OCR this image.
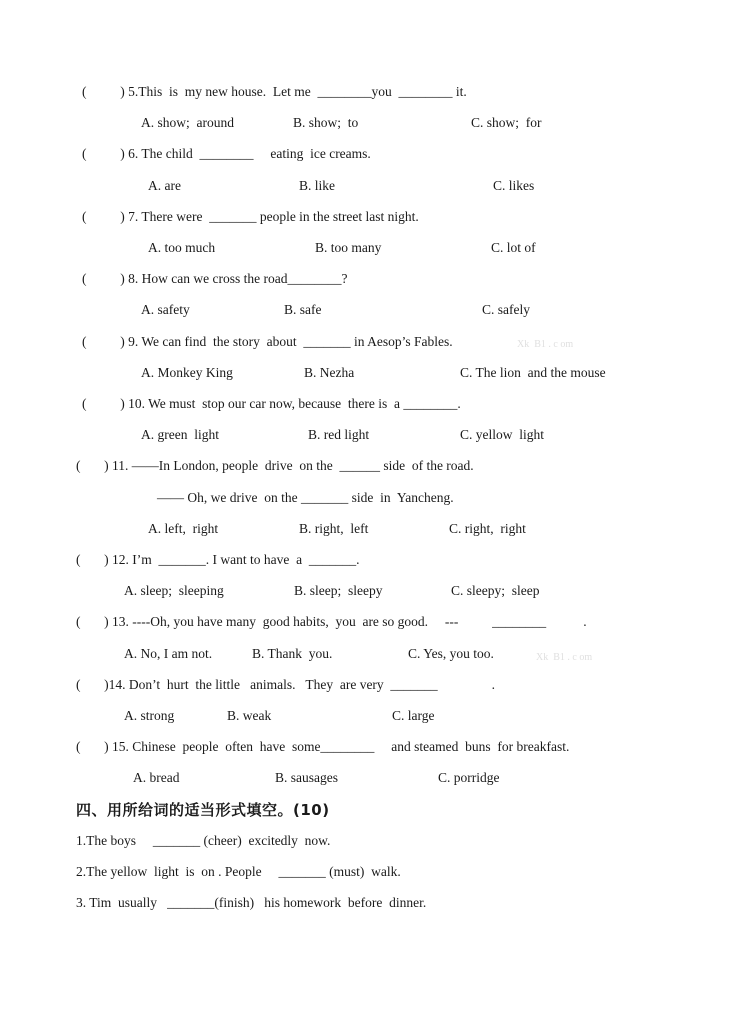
(          ) 5.This  is  my new house.  Let me  ________you  ________ it.
A. show;  around	B. show;  to	C. show;  for
(          ) 6. The child  ________     eating  ice creams.
A. are	B. like	C. likes
(          ) 7. There were  _______ people in the street last night.
A. too much	B. too many	C. lot of
(          ) 8. How can we cross the road________?
A. safety	B. safe	C. safely
(          ) 9. We can find  the story  about  _______ in Aesop’s Fables.	Xk  B1 . c om
A. Monkey King	B. Nezha	C. The lion  and the mouse
(          ) 10. We must  stop our car now, because  there is  a ________.
A. green  light	B. red light	C. yellow  light
(       ) 11. ——In London, people  drive  on the  ______ side  of the road.
—— Oh, we drive  on the _______ side  in  Yancheng.
A. left,  right	B. right,  left	C. right,  right
(       ) 12. I’m  _______. I want to have  a  _______.
A. sleep;  sleeping	B. sleep;  sleepy	C. sleepy;  sleep
(       ) 13. ----Oh, you have many  good habits,  you  are so good.     ---          ________           .
A. No, I am not.	B. Thank  you.	C. Yes, you too.	Xk  B1 . c om
(       )14. Don’t  hurt  the little   animals.   They  are very  _______                .
A. strong	B. weak	C. large
(       ) 15. Chinese  people  often  have  some________     and steamed  buns  for breakfast.
A. bread	B. sausages	C. porridge
四、用所给词的适当形式填空。(10)
1.The boys     _______ (cheer)  excitedly  now.
2.The yellow  light  is  on . People     _______ (must)  walk.
3. Tim  usually   _______(finish)   his homework  before  dinner.
